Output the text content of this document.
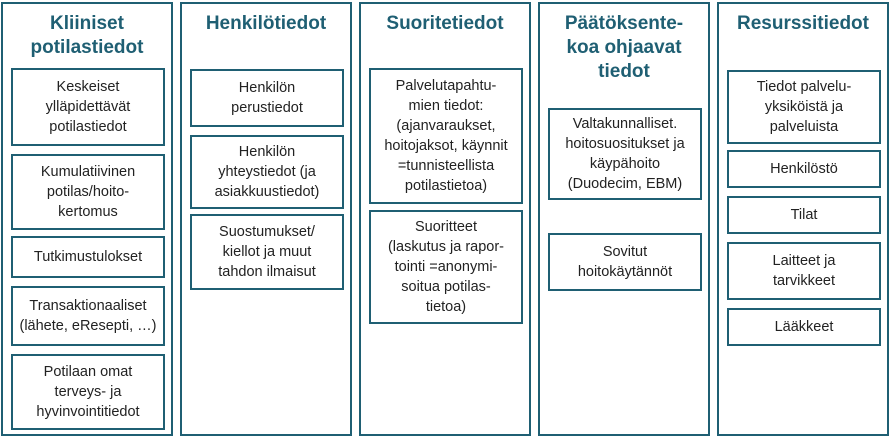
Kliiniset
potilastiedot
Keskeiset
ylläpidettävät
potilastiedot
Kumulatiivinen
potilas/hoito-
kertomus
Tutkimustulokset
Transaktionaaliset
(lähete, eResepti, …)
Potilaan omat
terveys- ja
hyvinvointitiedot
Henkilötiedot
Henkilön
perustiedot
Henkilön
yhteystiedot (ja
asiakkuustiedot)
Suostumukset/
kiellot ja muut
tahdon ilmaisut
Suoritetiedot
Palvelutapahtu-
mien tiedot:
(ajanvaraukset,
hoitojaksot, käynnit
=tunnisteellista
potilastietoa)
Suoritteet
(laskutus ja rapor-
tointi =anonymi-
soitua potilas-
tietoa)
Päätöksente-
koa ohjaavat
tiedot
Valtakunnalliset.
hoitosuositukset ja
käypähoito
(Duodecim, EBM)
Sovitut
hoitokäytännöt
Resurssitiedot
Tiedot palvelu-
yksiköistä ja
palveluista
Henkilöstö
Tilat
Laitteet ja
tarvikkeet
Lääkkeet
